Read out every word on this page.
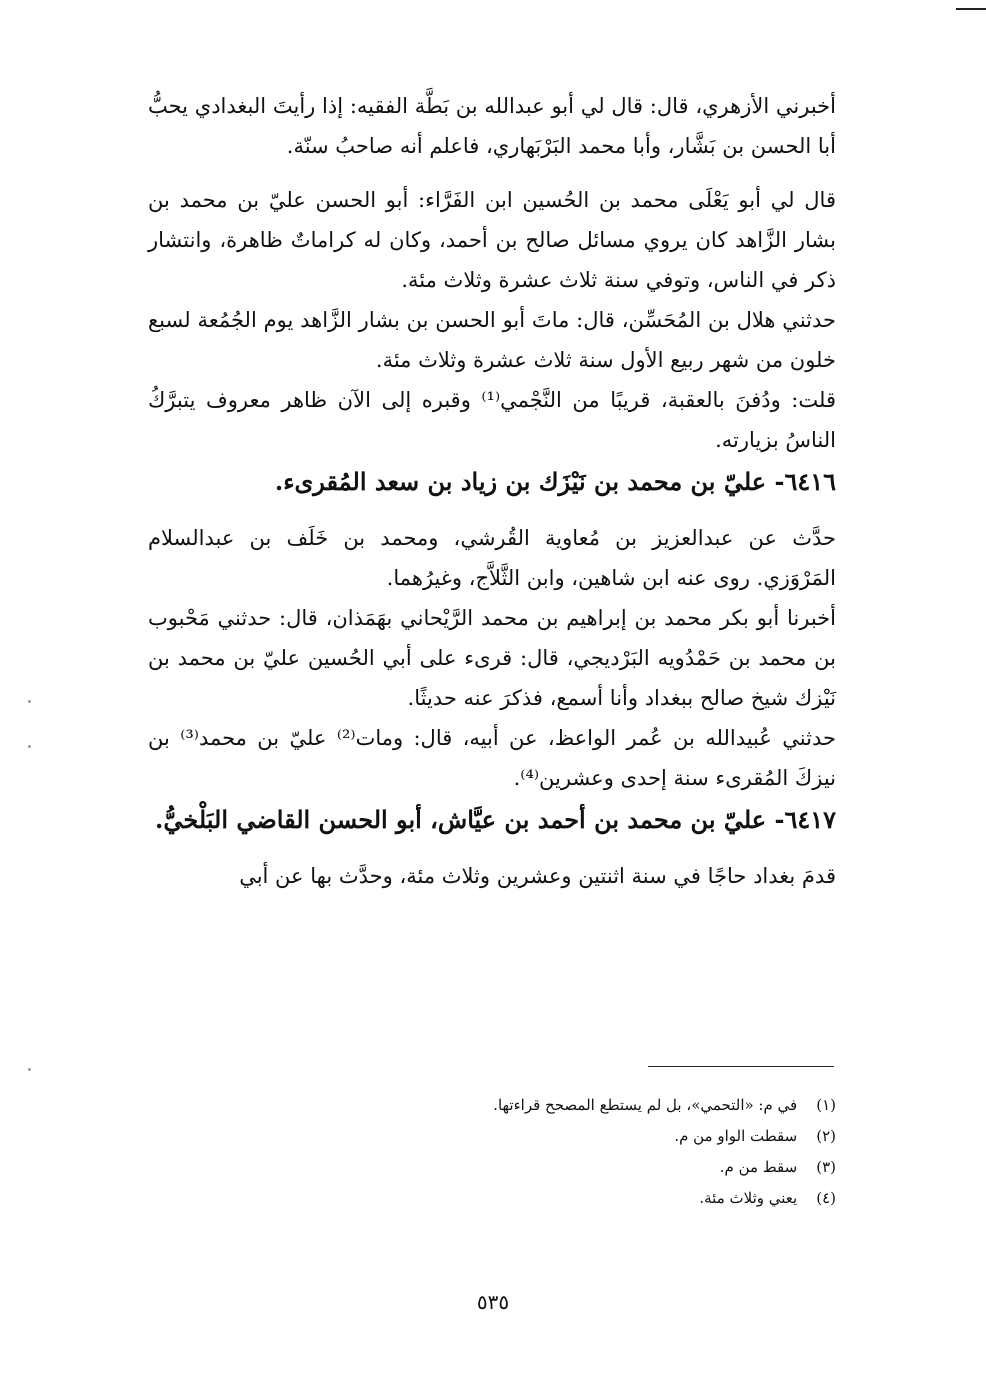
أخبرني الأزهري، قال: قال لي أبو عبدالله بن بَطَّة الفقيه: إذا رأيتَ البغدادي يحبُّ أبا الحسن بن بَشَّار، وأبا محمد البَرْبَهاري، فاعلم أنه صاحبُ سنّة.

قال لي أبو يَعْلَى محمد بن الحُسين ابن الفَرَّاء: أبو الحسن عليّ بن محمد بن بشار الزَّاهد كان يروي مسائل صالح بن أحمد، وكان له كراماتٌ ظاهرة، وانتشار ذكر في الناس، وتوفي سنة ثلاث عشرة وثلاث مئة.

حدثني هلال بن المُحَسِّن، قال: ماتَ أبو الحسن بن بشار الزَّاهد يوم الجُمُعة لسبع خلون من شهر ربيع الأول سنة ثلاث عشرة وثلاث مئة.

قلت: ودُفنَ بالعقبة، قريبًا من النَّجْمي⁽¹⁾ وقبره إلى الآن ظاهر معروف يتبرَّكُ الناسُ بزيارته.

٦٤١٦- عليّ بن محمد بن نَيْزَك بن زياد بن سعد المُقرىء.

حدَّث عن عبدالعزيز بن مُعاوية القُرشي، ومحمد بن خَلَف بن عبدالسلام المَرْوَزي. روى عنه ابن شاهين، وابن الثَّلاَّج، وغيرُهما.

أخبرنا أبو بكر محمد بن إبراهيم بن محمد الرَّيْحاني بهَمَذان، قال: حدثني مَحْبوب بن محمد بن حَمْدُويه البَرْديجي، قال: قرىء على أبي الحُسين عليّ بن محمد بن نَيْزك شيخ صالح ببغداد وأنا أسمع، فذكرَ عنه حديثًا.

حدثني عُبيدالله بن عُمر الواعظ، عن أبيه، قال: ومات⁽²⁾ عليّ بن محمد⁽³⁾ بن نيزكَ المُقرىء سنة إحدى وعشرين⁽⁴⁾.

٦٤١٧- عليّ بن محمد بن أحمد بن عيَّاش، أبو الحسن القاضي البَلْخيُّ.

قدمَ بغداد حاجًا في سنة اثنتين وعشرين وثلاث مئة، وحدَّث بها عن أبي

(١) في م: «التحمي»، بل لم يستطع المصحح قراءتها.
(٢) سقطت الواو من م.
(٣) سقط من م.
(٤) يعني وثلاث مئة.
٥٣٥
